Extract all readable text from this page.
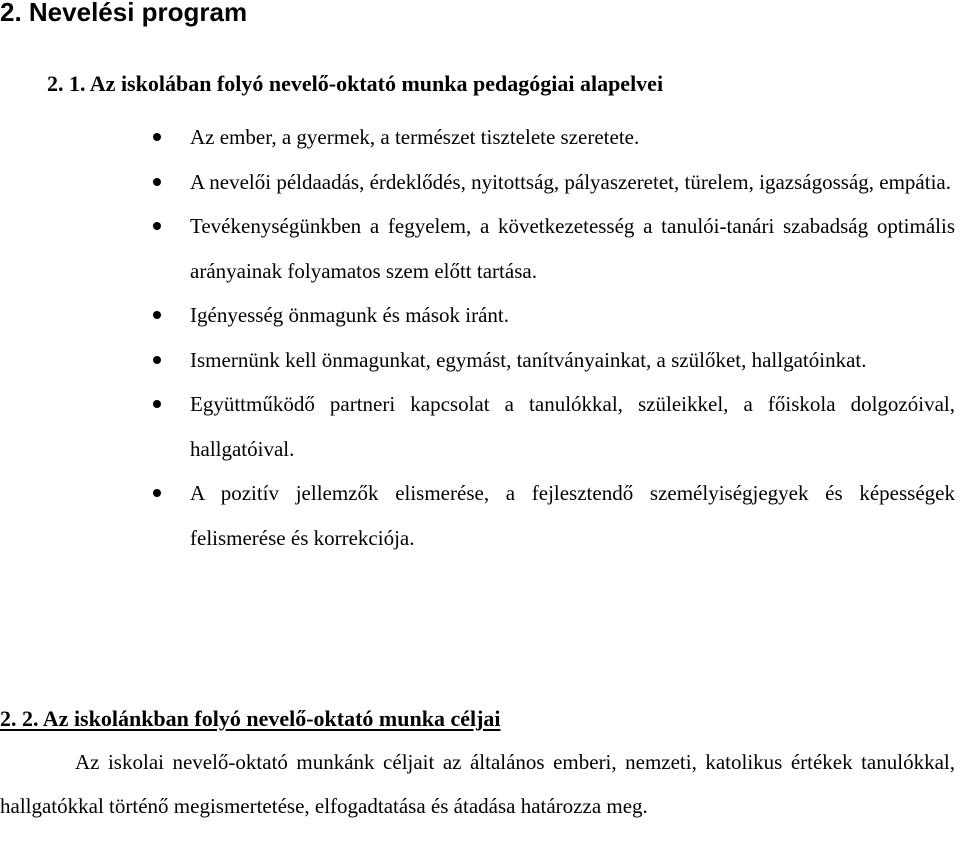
2. Nevelési program
2. 1. Az iskolában folyó nevelő-oktató munka pedagógiai alapelvei
Az ember, a gyermek, a természet tisztelete szeretete.
A nevelői példaadás, érdeklődés, nyitottság, pályaszeretet, türelem, igazságosság, empátia.
Tevékenységünkben a fegyelem, a következetesség a tanulói-tanári szabadság optimális arányainak folyamatos szem előtt tartása.
Igényesség önmagunk és mások iránt.
Ismernünk kell önmagunkat, egymást, tanítványainkat, a szülőket, hallgatóinkat.
Együttműködő partneri kapcsolat a tanulókkal, szüleikkel, a főiskola dolgozóival, hallgatóival.
A pozitív jellemzők elismerése, a fejlesztendő személyiségjegyek és képességek felismerése és korrekciója.
2. 2. Az iskolánkban folyó nevelő-oktató munka céljai

Az iskolai nevelő-oktató munkánk céljait az általános emberi, nemzeti, katolikus értékek tanulókkal, hallgatókkal történő megismertetése, elfogadtatása és átadása határozza meg.
